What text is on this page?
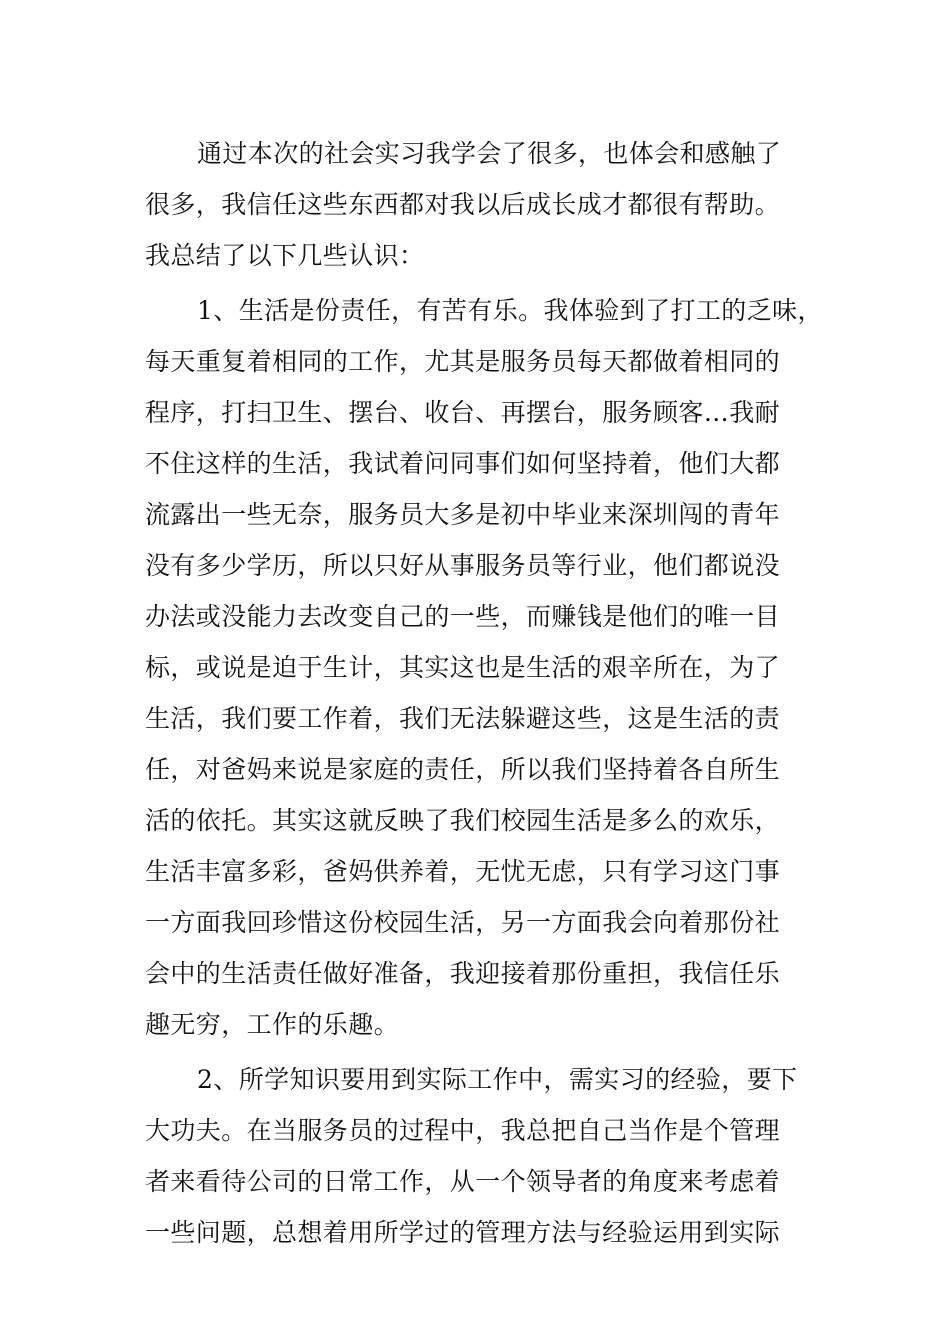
通过本次的社会实习我学会了很多，也体会和感触了
很多，我信任这些东西都对我以后成长成才都很有帮助。
我总结了以下几些认识：
1、生活是份责任，有苦有乐。我体验到了打工的乏味，
每天重复着相同的工作，尤其是服务员每天都做着相同的
程序，打扫卫生、摆台、收台、再摆台，服务顾客…我耐
不住这样的生活，我试着问同事们如何坚持着，他们大都
流露出一些无奈，服务员大多是初中毕业来深圳闯的青年
没有多少学历，所以只好从事服务员等行业，他们都说没
办法或没能力去改变自己的一些，而赚钱是他们的唯一目
标，或说是迫于生计，其实这也是生活的艰辛所在，为了
生活，我们要工作着，我们无法躲避这些，这是生活的责
任，对爸妈来说是家庭的责任，所以我们坚持着各自所生
活的依托。其实这就反映了我们校园生活是多么的欢乐，
生活丰富多彩，爸妈供养着，无忧无虑，只有学习这门事
一方面我回珍惜这份校园生活，另一方面我会向着那份社
会中的生活责任做好准备，我迎接着那份重担，我信任乐
趣无穷，工作的乐趣。
2、所学知识要用到实际工作中，需实习的经验，要下
大功夫。在当服务员的过程中，我总把自己当作是个管理
者来看待公司的日常工作，从一个领导者的角度来考虑着
一些问题，总想着用所学过的管理方法与经验运用到实际
